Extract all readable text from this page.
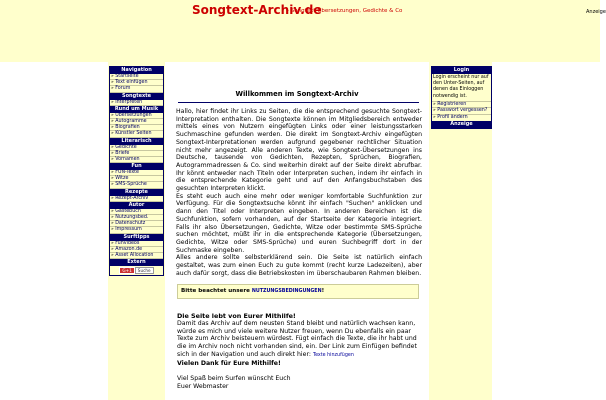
Songtext-Archiv.de
- Songtext-Übersetzungen, Gedichte & Co	Anzeige
Navigation
» Startseite
» Text einfügen
» Forum
Songtexte
» Interpreten
Rund um Musik
» Übersetzungen
» Autogramme
» Biografien
» Künstler Seiten
Literarisch
» Gedichte
» Briefe
» Vornamen
Fun
» FUN-Texte
» Witze
» SMS-Sprüche
Rezepte
» Rezept-Archiv
Autor
» Gästebuch
» Nutzungsbed.
» Datenschutz
» Impressum
Surftipps
» Funvideos
» Amazon.de
» Asset Allocation
Extern
G+1	Suche
Willkommen im Songtext-Archiv

Hallo, hier findet ihr Links zu Seiten, die die entsprechend gesuchte Songtext-Interpretation enthalten. Die Songtexte können im Mitgliedsbereich entweder mittels eines von Nutzern eingefügten Links oder einer leistungsstarken Suchmaschine gefunden werden. Die direkt im Songtext-Archiv eingefügten Songtext-Interpretationen werden aufgrund gegebener rechtlicher Situation nicht mehr angezeigt. Alle anderen Texte, wie Songtext-Übersetzungen ins Deutsche, tausende von Gedichten, Rezepten, Sprüchen, Biografien, Autogrammadressen & Co. sind weiterhin direkt auf der Seite direkt abrufbar. Ihr könnt entweder nach Titeln oder Interpreten suchen, indem ihr einfach in die entsprechende Kategorie geht und auf den Anfangsbuchstaben des gesuchten Interpreten klickt.

Es steht euch auch eine mehr oder weniger komfortable Suchfunktion zur Verfügung. Für die Songtextsuche könnt ihr einfach "Suchen" anklicken und dann den Titel oder Interpreten eingeben. In anderen Bereichen ist die Suchfunktion, sofern vorhanden, auf der Startseite der Kategorie integriert. Falls ihr also Übersetzungen, Gedichte, Witze oder bestimmte SMS-Sprüche suchen möchtet, müßt ihr in die entsprechende Kategorie (Übersetzungen, Gedichte, Witze oder SMS-Sprüche) und euren Suchbegriff dort in der Suchmaske eingeben.

Alles andere sollte selbsterklärend sein. Die Seite ist natürlich einfach gestaltet, was zum einen Euch zu gute kommt (recht kurze Ladezeiten), aber auch dafür sorgt, dass die Betriebskosten im überschaubaren Rahmen bleiben.

Bitte beachtet unsere NUTZUNGSBEDINGUNGEN!
Die Seite lebt von Eurer Mithilfe!
Damit das Archiv auf dem neusten Stand bleibt und natürlich wachsen kann, würde es mich und viele weitere Nutzer freuen, wenn Du ebenfalls ein paar Texte zum Archiv beisteuern würdest. Fügt einfach die Texte, die ihr habt und die im Archiv noch nicht vorhanden sind, ein. Der Link zum Einfügen befindet sich in der Navigation und auch direkt hier: Texte hinzufügen
Vielen Dank für Eure Mithilfe!

Viel Spaß beim Surfen wünscht Euch
Euer Webmaster
Login
Login erscheint nur auf den Unter-Seiten, auf denen das Einloggen notwendig ist.
» Registrieren
» Passwort vergessen?
» Profil ändern
Anzeige
